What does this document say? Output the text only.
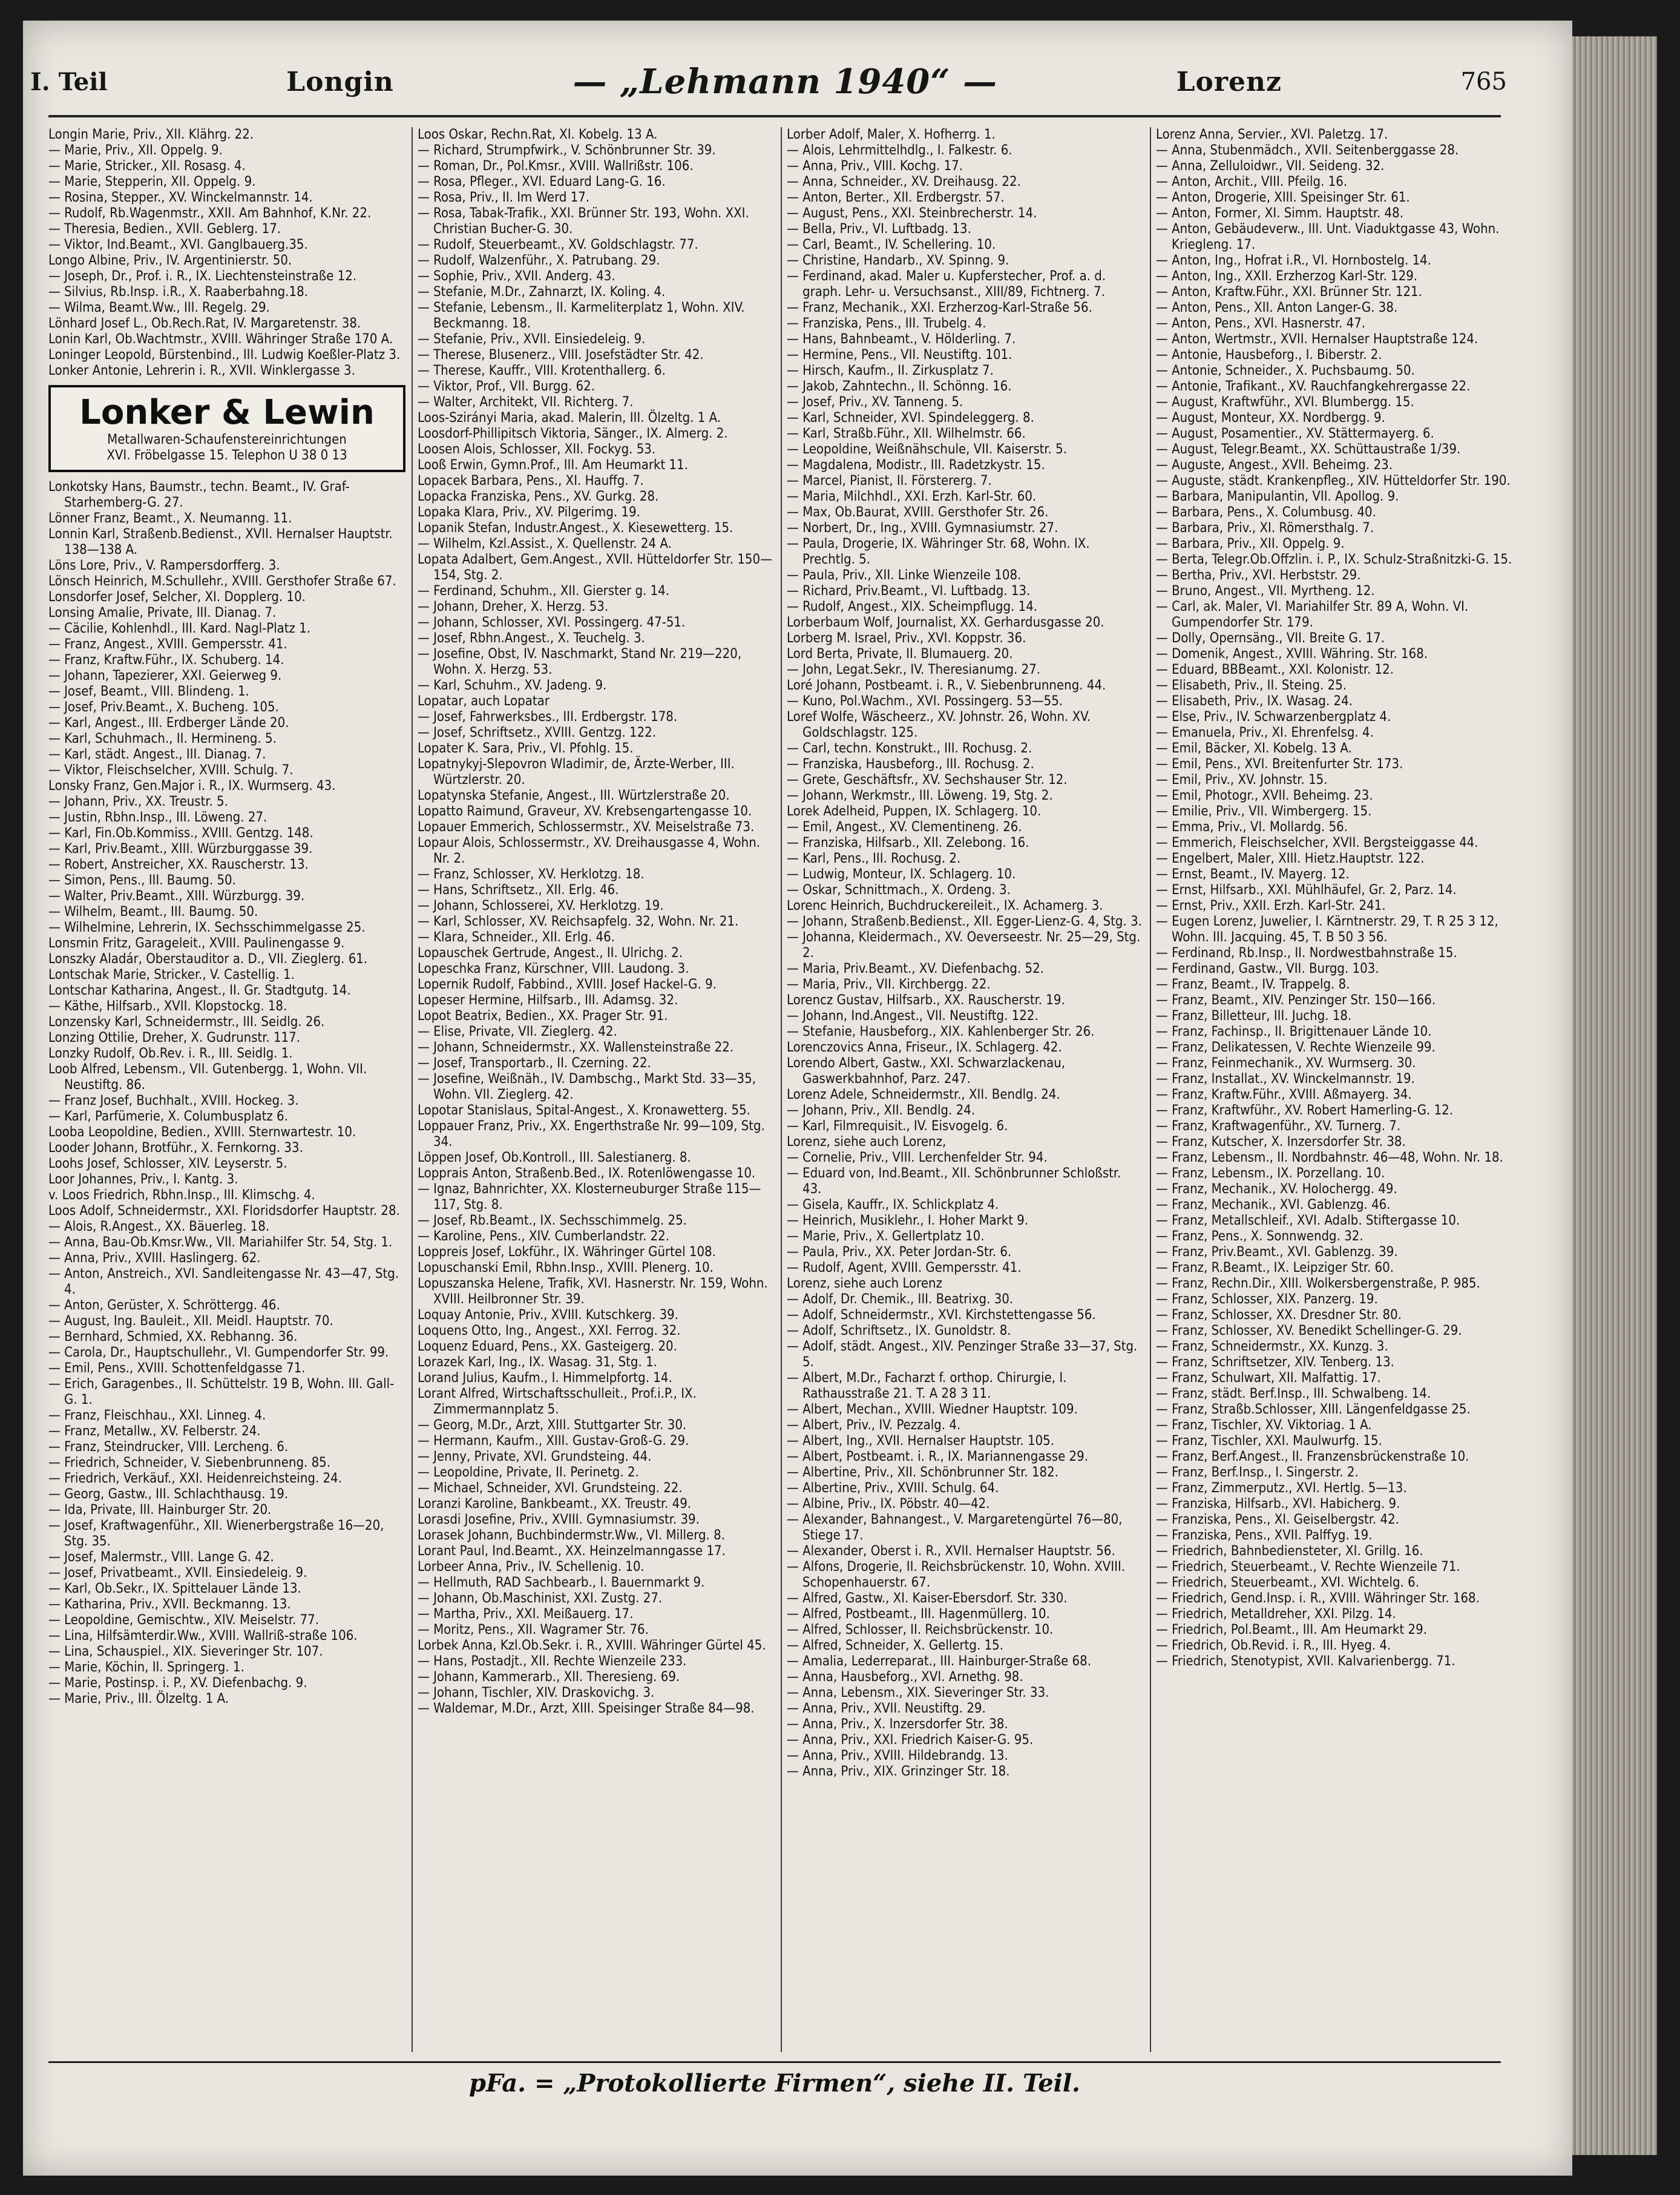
I. Teil	Longin	— „Lehmann 1940“ —	Lorenz	765

Longin Marie, Priv., XII. Klährg. 22.

— Marie, Priv., XII. Oppelg. 9.

— Marie, Stricker., XII. Rosasg. 4.

— Marie, Stepperin, XII. Oppelg. 9.

— Rosina, Stepper., XV. Winckelmannstr. 14.

— Rudolf, Rb.Wagenmstr., XXII. Am Bahnhof, K.Nr. 22.

— Theresia, Bedien., XVII. Geblerg. 17.

— Viktor, Ind.Beamt., XVI. Ganglbauerg.35.

Longo Albine, Priv., IV. Argentinierstr. 50.

— Joseph, Dr., Prof. i. R., IX. Liechtensteinstraße 12.

— Silvius, Rb.Insp. i.R., X. Raaberbahng.18.

— Wilma, Beamt.Ww., III. Regelg. 29.

Lönhard Josef L., Ob.Rech.Rat, IV. Margaretenstr. 38.

Lonin Karl, Ob.Wachtmstr., XVIII. Währinger Straße 170 A.

Loninger Leopold, Bürstenbind., III. Ludwig Koeßler-Platz 3.

Lonker Antonie, Lehrerin i. R., XVII. Winklergasse 3.

Lonker & Lewin
Metallwaren-Schaufenstereinrichtungen
XVI. Fröbelgasse 15. Telephon U 38 0 13

Lonkotsky Hans, Baumstr., techn. Beamt., IV. Graf-Starhemberg-G. 27.

Lönner Franz, Beamt., X. Neumanng. 11.

Lonnin Karl, Straßenb.Bedienst., XVII. Hernalser Hauptstr. 138—138 A.

Löns Lore, Priv., V. Rampersdorfferg. 3.

Lönsch Heinrich, M.Schullehr., XVIII. Gersthofer Straße 67.

Lonsdorfer Josef, Selcher, XI. Dopplerg. 10.

Lonsing Amalie, Private, III. Dianag. 7.

— Cäcilie, Kohlenhdl., III. Kard. Nagl-Platz 1.

— Franz, Angest., XVIII. Gempersstr. 41.

— Franz, Kraftw.Führ., IX. Schuberg. 14.

— Johann, Tapezierer, XXI. Geierweg 9.

— Josef, Beamt., VIII. Blindeng. 1.

— Josef, Priv.Beamt., X. Bucheng. 105.

— Karl, Angest., III. Erdberger Lände 20.

— Karl, Schuhmach., II. Hermineng. 5.

— Karl, städt. Angest., III. Dianag. 7.

— Viktor, Fleischselcher, XVIII. Schulg. 7.

Lonsky Franz, Gen.Major i. R., IX. Wurmserg. 43.

— Johann, Priv., XX. Treustr. 5.

— Justin, Rbhn.Insp., III. Löweng. 27.

— Karl, Fin.Ob.Kommiss., XVIII. Gentzg. 148.

— Karl, Priv.Beamt., XIII. Würzburggasse 39.

— Robert, Anstreicher, XX. Rauscherstr. 13.

— Simon, Pens., III. Baumg. 50.

— Walter, Priv.Beamt., XIII. Würzburgg. 39.

— Wilhelm, Beamt., III. Baumg. 50.

— Wilhelmine, Lehrerin, IX. Sechsschimmelgasse 25.

Lonsmin Fritz, Garageleit., XVIII. Paulinengasse 9.

Lonszky Aladár, Oberstauditor a. D., VII. Zieglerg. 61.

Lontschak Marie, Stricker., V. Castellig. 1.

Lontschar Katharina, Angest., II. Gr. Stadtgutg. 14.

— Käthe, Hilfsarb., XVII. Klopstockg. 18.

Lonzensky Karl, Schneidermstr., III. Seidlg. 26.

Lonzing Ottilie, Dreher, X. Gudrunstr. 117.

Lonzky Rudolf, Ob.Rev. i. R., III. Seidlg. 1.

Loob Alfred, Lebensm., VII. Gutenbergg. 1, Wohn. VII. Neustiftg. 86.

— Franz Josef, Buchhalt., XVIII. Hockeg. 3.

— Karl, Parfümerie, X. Columbusplatz 6.

Looba Leopoldine, Bedien., XVIII. Sternwartestr. 10.

Looder Johann, Brotführ., X. Fernkorng. 33.

Loohs Josef, Schlosser, XIV. Leyserstr. 5.

Loor Johannes, Priv., I. Kantg. 3.

v. Loos Friedrich, Rbhn.Insp., III. Klimschg. 4.

Loos Adolf, Schneidermstr., XXI. Floridsdorfer Hauptstr. 28.

— Alois, R.Angest., XX. Bäuerleg. 18.

— Anna, Bau-Ob.Kmsr.Ww., VII. Mariahilfer Str. 54, Stg. 1.

— Anna, Priv., XVIII. Haslingerg. 62.

— Anton, Anstreich., XVI. Sandleitengasse Nr. 43—47, Stg. 4.

— Anton, Gerüster, X. Schröttergg. 46.

— August, Ing. Bauleit., XII. Meidl. Hauptstr. 70.

— Bernhard, Schmied, XX. Rebhanng. 36.

— Carola, Dr., Hauptschullehr., VI. Gumpendorfer Str. 99.

— Emil, Pens., XVIII. Schottenfeldgasse 71.

— Erich, Garagenbes., II. Schüttelstr. 19 B, Wohn. III. Gall-G. 1.

— Franz, Fleischhau., XXI. Linneg. 4.

— Franz, Metallw., XV. Felberstr. 24.

— Franz, Steindrucker, VIII. Lercheng. 6.

— Friedrich, Schneider, V. Siebenbrunneng. 85.

— Friedrich, Verkäuf., XXI. Heidenreichsteing. 24.

— Georg, Gastw., III. Schlachthausg. 19.

— Ida, Private, III. Hainburger Str. 20.

— Josef, Kraftwagenführ., XII. Wienerbergstraße 16—20, Stg. 35.

— Josef, Malermstr., VIII. Lange G. 42.

— Josef, Privatbeamt., XVII. Einsiedeleig. 9.

— Karl, Ob.Sekr., IX. Spittelauer Lände 13.

— Katharina, Priv., XVII. Beckmanng. 13.

— Leopoldine, Gemischtw., XIV. Meiselstr. 77.

— Lina, Hilfsämterdir.Ww., XVIII. Wallriß-straße 106.

— Lina, Schauspiel., XIX. Sieveringer Str. 107.

— Marie, Köchin, II. Springerg. 1.

— Marie, Postinsp. i. P., XV. Diefenbachg. 9.

— Marie, Priv., III. Ölzeltg. 1 A.

Loos Oskar, Rechn.Rat, XI. Kobelg. 13 A.

— Richard, Strumpfwirk., V. Schönbrunner Str. 39.

— Roman, Dr., Pol.Kmsr., XVIII. Wallrißstr. 106.

— Rosa, Pfleger., XVI. Eduard Lang-G. 16.

— Rosa, Priv., II. Im Werd 17.

— Rosa, Tabak-Trafik., XXI. Brünner Str. 193, Wohn. XXI. Christian Bucher-G. 30.

— Rudolf, Steuerbeamt., XV. Goldschlagstr. 77.

— Rudolf, Walzenführ., X. Patrubang. 29.

— Sophie, Priv., XVII. Anderg. 43.

— Stefanie, M.Dr., Zahnarzt, IX. Koling. 4.

— Stefanie, Lebensm., II. Karmeliterplatz 1, Wohn. XIV. Beckmanng. 18.

— Stefanie, Priv., XVII. Einsiedeleig. 9.

— Therese, Blusenerz., VIII. Josefstädter Str. 42.

— Therese, Kauffr., VIII. Krotenthallerg. 6.

— Viktor, Prof., VII. Burgg. 62.

— Walter, Architekt, VII. Richterg. 7.

Loos-Szirányi Maria, akad. Malerin, III. Ölzeltg. 1 A.

Loosdorf-Phillipitsch Viktoria, Sänger., IX. Almerg. 2.

Loosen Alois, Schlosser, XII. Fockyg. 53.

Looß Erwin, Gymn.Prof., III. Am Heumarkt 11.

Lopacek Barbara, Pens., XI. Hauffg. 7.

Lopacka Franziska, Pens., XV. Gurkg. 28.

Lopaka Klara, Priv., XV. Pilgerimg. 19.

Lopanik Stefan, Industr.Angest., X. Kiesewetterg. 15.

— Wilhelm, Kzl.Assist., X. Quellenstr. 24 A.

Lopata Adalbert, Gem.Angest., XVII. Hütteldorfer Str. 150—154, Stg. 2.

— Ferdinand, Schuhm., XII. Gierster g. 14.

— Johann, Dreher, X. Herzg. 53.

— Johann, Schlosser, XVI. Possingerg. 47-51.

— Josef, Rbhn.Angest., X. Teuchelg. 3.

— Josefine, Obst, IV. Naschmarkt, Stand Nr. 219—220, Wohn. X. Herzg. 53.

— Karl, Schuhm., XV. Jadeng. 9.

Lopatar, auch Lopatar

— Josef, Fahrwerksbes., III. Erdbergstr. 178.

— Josef, Schriftsetz., XVIII. Gentzg. 122.

Lopater K. Sara, Priv., VI. Pfohlg. 15.

Lopatnykyj-Slepovron Wladimir, de, Ärzte-Werber, III. Würtzlerstr. 20.

Lopatynska Stefanie, Angest., III. Würtzlerstraße 20.

Lopatto Raimund, Graveur, XV. Krebsengartengasse 10.

Lopauer Emmerich, Schlossermstr., XV. Meiselstraße 73.

Lopaur Alois, Schlossermstr., XV. Dreihausgasse 4, Wohn. Nr. 2.

— Franz, Schlosser, XV. Herklotzg. 18.

— Hans, Schriftsetz., XII. Erlg. 46.

— Johann, Schlosserei, XV. Herklotzg. 19.

— Karl, Schlosser, XV. Reichsapfelg. 32, Wohn. Nr. 21.

— Klara, Schneider., XII. Erlg. 46.

Lopauschek Gertrude, Angest., II. Ulrichg. 2.

Lopeschka Franz, Kürschner, VIII. Laudong. 3.

Lopernik Rudolf, Fabbind., XVIII. Josef Hackel-G. 9.

Lopeser Hermine, Hilfsarb., III. Adamsg. 32.

Lopot Beatrix, Bedien., XX. Prager Str. 91.

— Elise, Private, VII. Zieglerg. 42.

— Johann, Schneidermstr., XX. Wallensteinstraße 22.

— Josef, Transportarb., II. Czerning. 22.

— Josefine, Weißnäh., IV. Dambschg., Markt Std. 33—35, Wohn. VII. Zieglerg. 42.

Lopotar Stanislaus, Spital-Angest., X. Kronawetterg. 55.

Loppauer Franz, Priv., XX. Engerthstraße Nr. 99—109, Stg. 34.

Löppen Josef, Ob.Kontroll., III. Salestianerg. 8.

Lopprais Anton, Straßenb.Bed., IX. Rotenlöwengasse 10.

— Ignaz, Bahnrichter, XX. Klosterneuburger Straße 115—117, Stg. 8.

— Josef, Rb.Beamt., IX. Sechsschimmelg. 25.

— Karoline, Pens., XIV. Cumberlandstr. 22.

Loppreis Josef, Lokführ., IX. Währinger Gürtel 108.

Lopuschanski Emil, Rbhn.Insp., XVIII. Plenerg. 10.

Lopuszanska Helene, Trafik, XVI. Hasnerstr. Nr. 159, Wohn. XVIII. Heilbronner Str. 39.

Loquay Antonie, Priv., XVIII. Kutschkerg. 39.

Loquens Otto, Ing., Angest., XXI. Ferrog. 32.

Loquenz Eduard, Pens., XX. Gasteigerg. 20.

Lorazek Karl, Ing., IX. Wasag. 31, Stg. 1.

Lorand Julius, Kaufm., I. Himmelpfortg. 14.

Lorant Alfred, Wirtschaftsschulleit., Prof.i.P., IX. Zimmermannplatz 5.

— Georg, M.Dr., Arzt, XIII. Stuttgarter Str. 30.

— Hermann, Kaufm., XIII. Gustav-Groß-G. 29.

— Jenny, Private, XVI. Grundsteing. 44.

— Leopoldine, Private, II. Perinetg. 2.

— Michael, Schneider, XVI. Grundsteing. 22.

Loranzi Karoline, Bankbeamt., XX. Treustr. 49.

Lorasdi Josefine, Priv., XVIII. Gymnasiumstr. 39.

Lorasek Johann, Buchbindermstr.Ww., VI. Millerg. 8.

Lorant Paul, Ind.Beamt., XX. Heinzelmanngasse 17.

Lorbeer Anna, Priv., IV. Schellenig. 10.

— Hellmuth, RAD Sachbearb., I. Bauernmarkt 9.

— Johann, Ob.Maschinist, XXI. Zustg. 27.

— Martha, Priv., XXI. Meißauerg. 17.

— Moritz, Pens., XII. Wagramer Str. 76.

Lorbek Anna, Kzl.Ob.Sekr. i. R., XVIII. Währinger Gürtel 45.

— Hans, Postadjt., XII. Rechte Wienzeile 233.

— Johann, Kammerarb., XII. Theresieng. 69.

— Johann, Tischler, XIV. Draskovichg. 3.

— Waldemar, M.Dr., Arzt, XIII. Speisinger Straße 84—98.

Lorber Adolf, Maler, X. Hofherrg. 1.

— Alois, Lehrmittelhdlg., I. Falkestr. 6.

— Anna, Priv., VIII. Kochg. 17.

— Anna, Schneider., XV. Dreihausg. 22.

— Anton, Berter., XII. Erdbergstr. 57.

— August, Pens., XXI. Steinbrecherstr. 14.

— Bella, Priv., VI. Luftbadg. 13.

— Carl, Beamt., IV. Schellering. 10.

— Christine, Handarb., XV. Spinng. 9.

— Ferdinand, akad. Maler u. Kupferstecher, Prof. a. d. graph. Lehr- u. Versuchsanst., XIII/89, Fichtnerg. 7.

— Franz, Mechanik., XXI. Erzherzog-Karl-Straße 56.

— Franziska, Pens., III. Trubelg. 4.

— Hans, Bahnbeamt., V. Hölderling. 7.

— Hermine, Pens., VII. Neustiftg. 101.

— Hirsch, Kaufm., II. Zirkusplatz 7.

— Jakob, Zahntechn., II. Schönng. 16.

— Josef, Priv., XV. Tanneng. 5.

— Karl, Schneider, XVI. Spindeleggerg. 8.

— Karl, Straßb.Führ., XII. Wilhelmstr. 66.

— Leopoldine, Weißnähschule, VII. Kaiserstr. 5.

— Magdalena, Modistr., III. Radetzkystr. 15.

— Marcel, Pianist, II. Förstererg. 7.

— Maria, Milchhdl., XXI. Erzh. Karl-Str. 60.

— Max, Ob.Baurat, XVIII. Gersthofer Str. 26.

— Norbert, Dr., Ing., XVIII. Gymnasiumstr. 27.

— Paula, Drogerie, IX. Währinger Str. 68, Wohn. IX. Prechtlg. 5.

— Paula, Priv., XII. Linke Wienzeile 108.

— Richard, Priv.Beamt., VI. Luftbadg. 13.

— Rudolf, Angest., XIX. Scheimpflugg. 14.

Lorberbaum Wolf, Journalist, XX. Gerhardusgasse 20.

Lorberg M. Israel, Priv., XVI. Koppstr. 36.

Lord Berta, Private, II. Blumauerg. 20.

— John, Legat.Sekr., IV. Theresianumg. 27.

Loré Johann, Postbeamt. i. R., V. Siebenbrunneng. 44.

— Kuno, Pol.Wachm., XVI. Possingerg. 53—55.

Loref Wolfe, Wäscheerz., XV. Johnstr. 26, Wohn. XV. Goldschlagstr. 125.

— Carl, techn. Konstrukt., III. Rochusg. 2.

— Franziska, Hausbeforg., III. Rochusg. 2.

— Grete, Geschäftsfr., XV. Sechshauser Str. 12.

— Johann, Werkmstr., III. Löweng. 19, Stg. 2.

Lorek Adelheid, Puppen, IX. Schlagerg. 10.

— Emil, Angest., XV. Clementineng. 26.

— Franziska, Hilfsarb., XII. Zelebong. 16.

— Karl, Pens., III. Rochusg. 2.

— Ludwig, Monteur, IX. Schlagerg. 10.

— Oskar, Schnittmach., X. Ordeng. 3.

Lorenc Heinrich, Buchdruckereileit., IX. Achamerg. 3.

— Johann, Straßenb.Bedienst., XII. Egger-Lienz-G. 4, Stg. 3.

— Johanna, Kleidermach., XV. Oeverseestr. Nr. 25—29, Stg. 2.

— Maria, Priv.Beamt., XV. Diefenbachg. 52.

— Maria, Priv., VII. Kirchbergg. 22.

Lorencz Gustav, Hilfsarb., XX. Rauscherstr. 19.

— Johann, Ind.Angest., VII. Neustiftg. 122.

— Stefanie, Hausbeforg., XIX. Kahlenberger Str. 26.

Lorenczovics Anna, Friseur., IX. Schlagerg. 42.

Lorendo Albert, Gastw., XXI. Schwarzlackenau, Gaswerkbahnhof, Parz. 247.

Lorenz Adele, Schneidermstr., XII. Bendlg. 24.

— Johann, Priv., XII. Bendlg. 24.

— Karl, Filmrequisit., IV. Eisvogelg. 6.

Lorenz, siehe auch Lorenz,

— Cornelie, Priv., VIII. Lerchenfelder Str. 94.

— Eduard von, Ind.Beamt., XII. Schönbrunner Schloßstr. 43.

— Gisela, Kauffr., IX. Schlickplatz 4.

— Heinrich, Musiklehr., I. Hoher Markt 9.

— Marie, Priv., X. Gellertplatz 10.

— Paula, Priv., XX. Peter Jordan-Str. 6.

— Rudolf, Agent, XVIII. Gempersstr. 41.

Lorenz, siehe auch Lorenz

— Adolf, Dr. Chemik., III. Beatrixg. 30.

— Adolf, Schneidermstr., XVI. Kirchstettengasse 56.

— Adolf, Schriftsetz., IX. Gunoldstr. 8.

— Adolf, städt. Angest., XIV. Penzinger Straße 33—37, Stg. 5.

— Albert, M.Dr., Facharzt f. orthop. Chirurgie, I. Rathausstraße 21. T. A 28 3 11.

— Albert, Mechan., XVIII. Wiedner Hauptstr. 109.

— Albert, Priv., IV. Pezzalg. 4.

— Albert, Ing., XVII. Hernalser Hauptstr. 105.

— Albert, Postbeamt. i. R., IX. Mariannengasse 29.

— Albertine, Priv., XII. Schönbrunner Str. 182.

— Albertine, Priv., XVIII. Schulg. 64.

— Albine, Priv., IX. Pöbstr. 40—42.

— Alexander, Bahnangest., V. Margaretengürtel 76—80, Stiege 17.

— Alexander, Oberst i. R., XVII. Hernalser Hauptstr. 56.

— Alfons, Drogerie, II. Reichsbrückenstr. 10, Wohn. XVIII. Schopenhauerstr. 67.

— Alfred, Gastw., XI. Kaiser-Ebersdorf. Str. 330.

— Alfred, Postbeamt., III. Hagenmüllerg. 10.

— Alfred, Schlosser, II. Reichsbrückenstr. 10.

— Alfred, Schneider, X. Gellertg. 15.

— Amalia, Lederreparat., III. Hainburger-Straße 68.

— Anna, Hausbeforg., XVI. Arnethg. 98.

— Anna, Lebensm., XIX. Sieveringer Str. 33.

— Anna, Priv., XVII. Neustiftg. 29.

— Anna, Priv., X. Inzersdorfer Str. 38.

— Anna, Priv., XXI. Friedrich Kaiser-G. 95.

— Anna, Priv., XVIII. Hildebrandg. 13.

— Anna, Priv., XIX. Grinzinger Str. 18.

Lorenz Anna, Servier., XVI. Paletzg. 17.

— Anna, Stubenmädch., XVII. Seitenberggasse 28.

— Anna, Zelluloidwr., VII. Seideng. 32.

— Anton, Archit., VIII. Pfeilg. 16.

— Anton, Drogerie, XIII. Speisinger Str. 61.

— Anton, Former, XI. Simm. Hauptstr. 48.

— Anton, Gebäudeverw., III. Unt. Viaduktgasse 43, Wohn. Kriegleng. 17.

— Anton, Ing., Hofrat i.R., VI. Hornbostelg. 14.

— Anton, Ing., XXII. Erzherzog Karl-Str. 129.

— Anton, Kraftw.Führ., XXI. Brünner Str. 121.

— Anton, Pens., XII. Anton Langer-G. 38.

— Anton, Pens., XVI. Hasnerstr. 47.

— Anton, Wertmstr., XVII. Hernalser Hauptstraße 124.

— Antonie, Hausbeforg., I. Biberstr. 2.

— Antonie, Schneider., X. Puchsbaumg. 50.

— Antonie, Trafikant., XV. Rauchfangkehrergasse 22.

— August, Kraftwführ., XVI. Blumbergg. 15.

— August, Monteur, XX. Nordbergg. 9.

— August, Posamentier., XV. Stättermayerg. 6.

— August, Telegr.Beamt., XX. Schüttaustraße 1/39.

— Auguste, Angest., XVII. Beheimg. 23.

— Auguste, städt. Krankenpfleg., XIV. Hütteldorfer Str. 190.

— Barbara, Manipulantin, VII. Apollog. 9.

— Barbara, Pens., X. Columbusg. 40.

— Barbara, Priv., XI. Römersthalg. 7.

— Barbara, Priv., XII. Oppelg. 9.

— Berta, Telegr.Ob.Offzlin. i. P., IX. Schulz-Straßnitzki-G. 15.

— Bertha, Priv., XVI. Herbststr. 29.

— Bruno, Angest., VII. Myrtheng. 12.

— Carl, ak. Maler, VI. Mariahilfer Str. 89 A, Wohn. VI. Gumpendorfer Str. 179.

— Dolly, Opernsäng., VII. Breite G. 17.

— Domenik, Angest., XVIII. Währing. Str. 168.

— Eduard, BBBeamt., XXI. Kolonistr. 12.

— Elisabeth, Priv., II. Steing. 25.

— Elisabeth, Priv., IX. Wasag. 24.

— Else, Priv., IV. Schwarzenbergplatz 4.

— Emanuela, Priv., XI. Ehrenfelsg. 4.

— Emil, Bäcker, XI. Kobelg. 13 A.

— Emil, Pens., XVI. Breitenfurter Str. 173.

— Emil, Priv., XV. Johnstr. 15.

— Emil, Photogr., XVII. Beheimg. 23.

— Emilie, Priv., VII. Wimbergerg. 15.

— Emma, Priv., VI. Mollardg. 56.

— Emmerich, Fleischselcher, XVII. Bergsteiggasse 44.

— Engelbert, Maler, XIII. Hietz.Hauptstr. 122.

— Ernst, Beamt., IV. Mayerg. 12.

— Ernst, Hilfsarb., XXI. Mühlhäufel, Gr. 2, Parz. 14.

— Ernst, Priv., XXII. Erzh. Karl-Str. 241.

— Eugen Lorenz, Juwelier, I. Kärntnerstr. 29, T. R 25 3 12, Wohn. III. Jacquing. 45, T. B 50 3 56.

— Ferdinand, Rb.Insp., II. Nordwestbahnstraße 15.

— Ferdinand, Gastw., VII. Burgg. 103.

— Franz, Beamt., IV. Trappelg. 8.

— Franz, Beamt., XIV. Penzinger Str. 150—166.

— Franz, Billetteur, III. Juchg. 18.

— Franz, Fachinsp., II. Brigittenauer Lände 10.

— Franz, Delikatessen, V. Rechte Wienzeile 99.

— Franz, Feinmechanik., XV. Wurmserg. 30.

— Franz, Installat., XV. Winckelmannstr. 19.

— Franz, Kraftw.Führ., XVIII. Aßmayerg. 34.

— Franz, Kraftwführ., XV. Robert Hamerling-G. 12.

— Franz, Kraftwagenführ., XV. Turnerg. 7.

— Franz, Kutscher, X. Inzersdorfer Str. 38.

— Franz, Lebensm., II. Nordbahnstr. 46—48, Wohn. Nr. 18.

— Franz, Lebensm., IX. Porzellang. 10.

— Franz, Mechanik., XV. Holochergg. 49.

— Franz, Mechanik., XVI. Gablenzg. 46.

— Franz, Metallschleif., XVI. Adalb. Stiftergasse 10.

— Franz, Pens., X. Sonnwendg. 32.

— Franz, Priv.Beamt., XVI. Gablenzg. 39.

— Franz, R.Beamt., IX. Leipziger Str. 60.

— Franz, Rechn.Dir., XIII. Wolkersbergenstraße, P. 985.

— Franz, Schlosser, XIX. Panzerg. 19.

— Franz, Schlosser, XX. Dresdner Str. 80.

— Franz, Schlosser, XV. Benedikt Schellinger-G. 29.

— Franz, Schneidermstr., XX. Kunzg. 3.

— Franz, Schriftsetzer, XIV. Tenberg. 13.

— Franz, Schulwart, XII. Malfattig. 17.

— Franz, städt. Berf.Insp., III. Schwalbeng. 14.

— Franz, Straßb.Schlosser, XIII. Längenfeldgasse 25.

— Franz, Tischler, XV. Viktoriag. 1 A.

— Franz, Tischler, XXI. Maulwurfg. 15.

— Franz, Berf.Angest., II. Franzensbrückenstraße 10.

— Franz, Berf.Insp., I. Singerstr. 2.

— Franz, Zimmerputz., XVI. Hertlg. 5—13.

— Franziska, Hilfsarb., XVI. Habicherg. 9.

— Franziska, Pens., XI. Geiselbergstr. 42.

— Franziska, Pens., XVII. Palffyg. 19.

— Friedrich, Bahnbediensteter, XI. Grillg. 16.

— Friedrich, Steuerbeamt., V. Rechte Wienzeile 71.

— Friedrich, Steuerbeamt., XVI. Wichtelg. 6.

— Friedrich, Gend.Insp. i. R., XVIII. Währinger Str. 168.

— Friedrich, Metalldreher, XXI. Pilzg. 14.

— Friedrich, Pol.Beamt., III. Am Heumarkt 29.

— Friedrich, Ob.Revid. i. R., III. Hyeg. 4.

— Friedrich, Stenotypist, XVII. Kalvarienbergg. 71.

pFa. = „Protokollierte Firmen“, siehe II. Teil.
